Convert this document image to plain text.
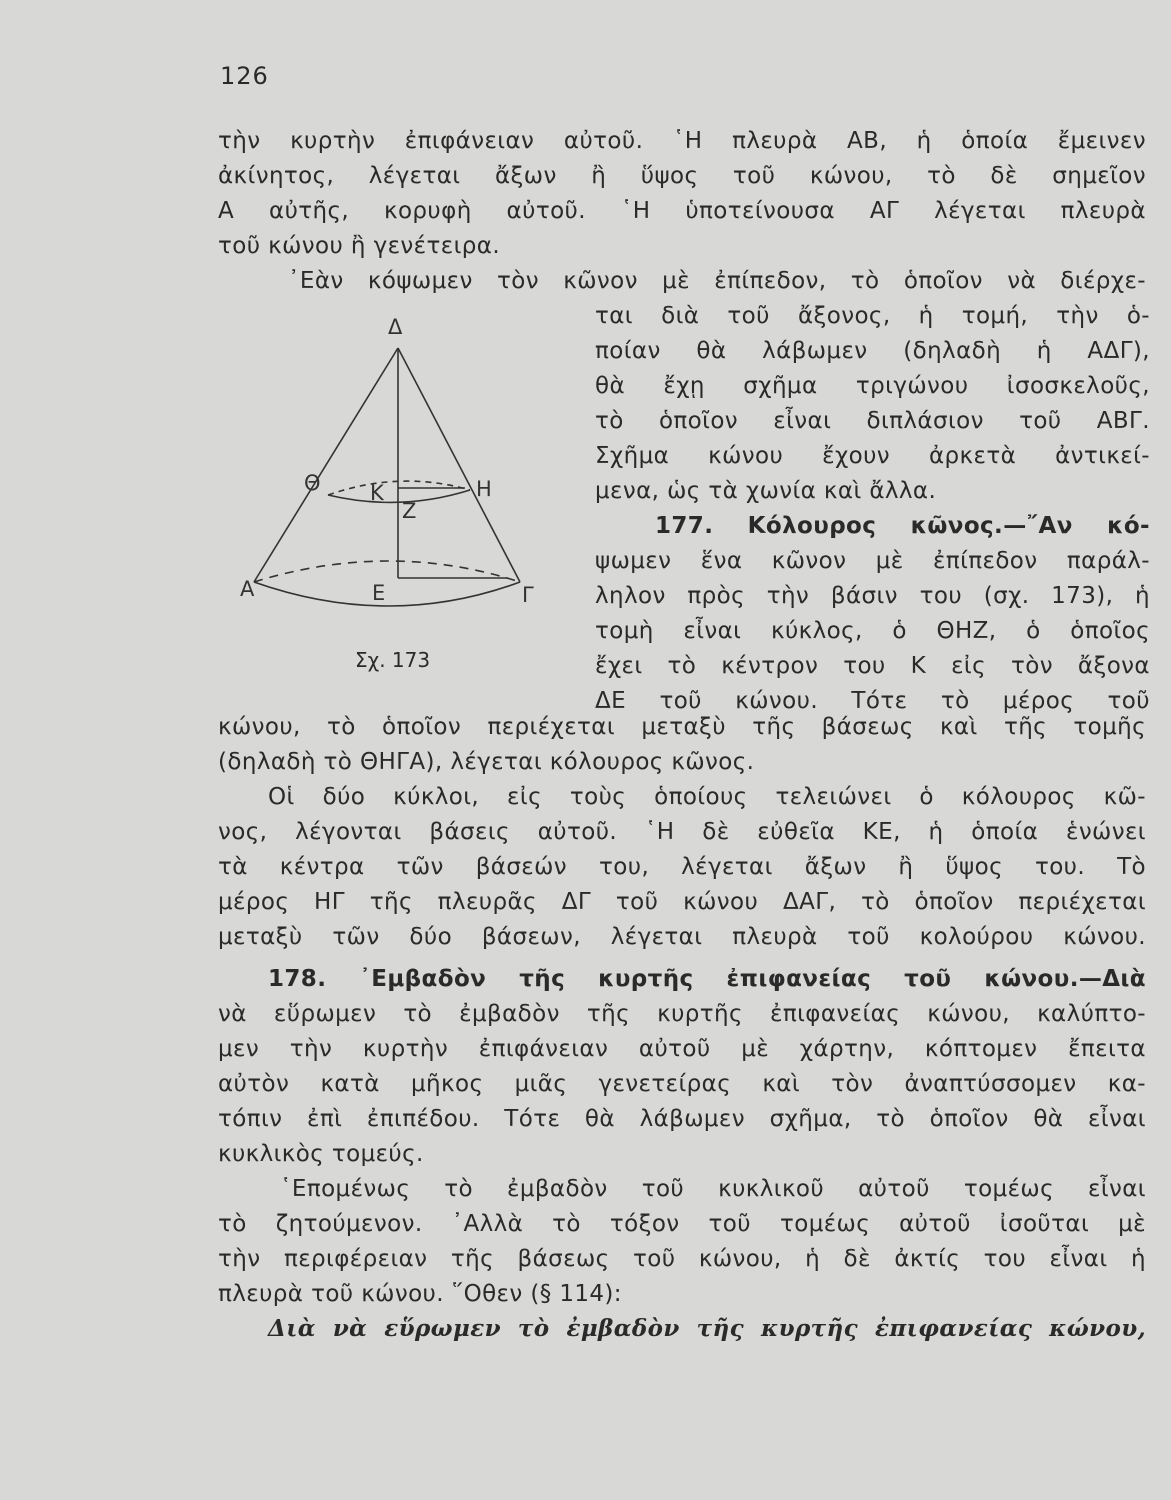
126
τὴν κυρτὴν ἐπιφάνειαν αὐτοῦ. ῾Η πλευρὰ ΑΒ, ἡ ὁποία ἔμεινεν
ἀκίνητος, λέγεται ἄξων ἢ ὕψος τοῦ κώνου, τὸ δὲ σημεῖον
Α αὐτῆς, κορυφὴ αὐτοῦ. ῾Η ὑποτείνουσα ΑΓ λέγεται πλευρὰ
τοῦ κώνου ἢ γενέτειρα.
᾿Εὰν κόψωμεν τὸν κῶνον μὲ ἐπίπεδον, τὸ ὁποῖον νὰ διέρχε-
ται διὰ τοῦ ἄξονος, ἡ τομή, τὴν ὁ-
ποίαν θὰ λάβωμεν (δηλαδὴ ἡ ΑΔΓ),
θὰ ἔχῃ σχῆμα τριγώνου ἰσοσκελοῦς,
τὸ ὁποῖον εἶναι διπλάσιον τοῦ ΑΒΓ.
Σχῆμα κώνου ἔχουν ἀρκετὰ ἀντικεί-
μενα, ὡς τὰ χωνία καὶ ἄλλα.
177. Κόλουρος κῶνος.—῎Αν κό-
ψωμεν ἕνα κῶνον μὲ ἐπίπεδον παράλ-
ληλον πρὸς τὴν βάσιν του (σχ. 173), ἡ
τομὴ εἶναι κύκλος, ὁ ΘΗΖ, ὁ ὁποῖος
ἔχει τὸ κέντρον του Κ εἰς τὸν ἄξονα
ΔΕ τοῦ κώνου. Τότε τὸ μέρος τοῦ
Δ
Θ Κ	Η
Ζ
Α	Ε	Γ
Σχ. 173
κώνου, τὸ ὁποῖον περιέχεται μεταξὺ τῆς βάσεως καὶ τῆς τομῆς
(δηλαδὴ τὸ ΘΗΓΑ), λέγεται κόλουρος κῶνος.
Οἱ δύο κύκλοι, εἰς τοὺς ὁποίους τελειώνει ὁ κόλουρος κῶ-
νος, λέγονται βάσεις αὐτοῦ. ῾Η δὲ εὐθεῖα ΚΕ, ἡ ὁποία ἑνώνει
τὰ κέντρα τῶν βάσεών του, λέγεται ἄξων ἢ ὕψος του. Τὸ
μέρος ΗΓ τῆς πλευρᾶς ΔΓ τοῦ κώνου ΔΑΓ, τὸ ὁποῖον περιέχεται
μεταξὺ τῶν δύο βάσεων, λέγεται πλευρὰ τοῦ κολούρου κώνου.
178. ᾿Εμβαδὸν τῆς κυρτῆς ἐπιφανείας τοῦ κώνου.—Διὰ
νὰ εὕρωμεν τὸ ἐμβαδὸν τῆς κυρτῆς ἐπιφανείας κώνου, καλύπτο-
μεν τὴν κυρτὴν ἐπιφάνειαν αὐτοῦ μὲ χάρτην, κόπτομεν ἔπειτα
αὐτὸν κατὰ μῆκος μιᾶς γενετείρας καὶ τὸν ἀναπτύσσομεν κα-
τόπιν ἐπὶ ἐπιπέδου. Τότε θὰ λάβωμεν σχῆμα, τὸ ὁποῖον θὰ εἶναι
κυκλικὸς τομεύς.
῾Επομένως τὸ ἐμβαδὸν τοῦ κυκλικοῦ αὐτοῦ τομέως εἶναι
τὸ ζητούμενον. ᾿Αλλὰ τὸ τόξον τοῦ τομέως αὐτοῦ ἰσοῦται μὲ
τὴν περιφέρειαν τῆς βάσεως τοῦ κώνου, ἡ δὲ ἀκτίς του εἶναι ἡ
πλευρὰ τοῦ κώνου. ῞Οθεν (§ 114):
Διὰ νὰ εὕρωμεν τὸ ἐμβαδὸν τῆς κυρτῆς ἐπιφανείας κώνου,
